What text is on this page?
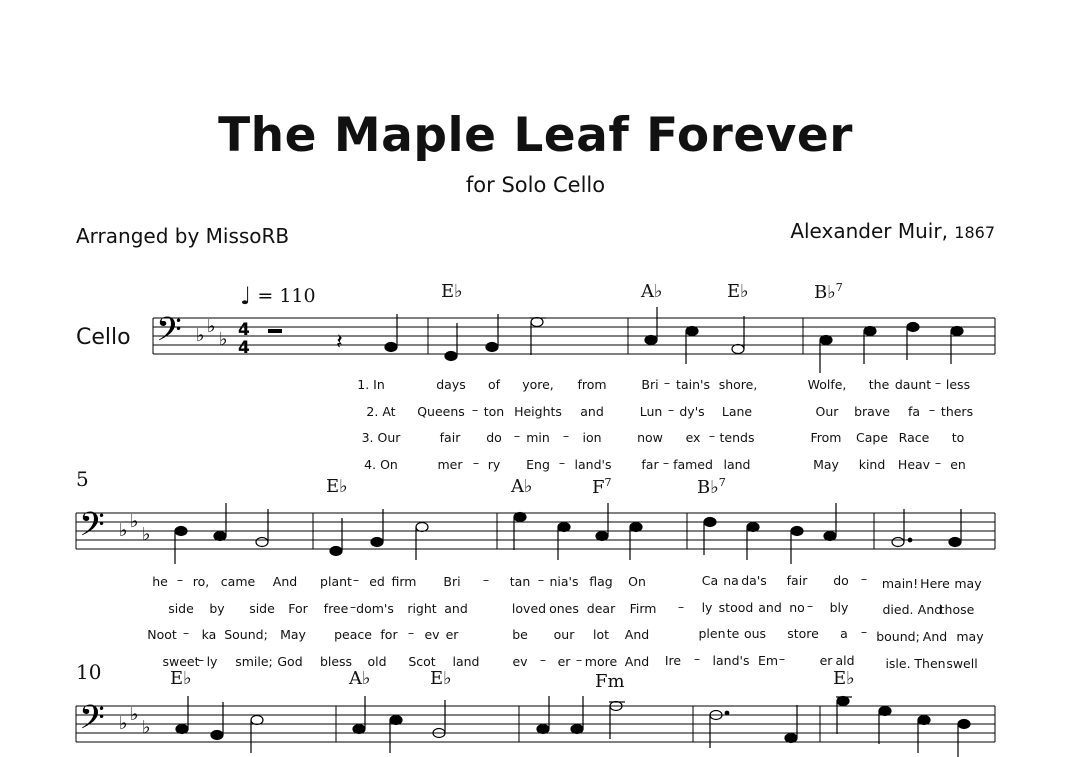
The Maple Leaf Forever
for Solo Cello
Arranged by MissoRB	Alexander Muir, 1867
Cello
♩ = 110	E♭	A♭	E♭	B♭$^7$
E♭	A♭	$F^7$	B♭$^7$
E♭	A♭	E♭	Fm	E♭
5
10
𝄢 ♭ ♭
♭ 4
4	𝄽
𝄢 ♭ ♭
♭
𝄢 ♭ ♭
♭
1. In	days of yore, from	Bri – tain's shore,	Wolfe, the daunt – less
2. At Queens – ton Heights and	Lun – dy's Lane	Our brave fa – thers
3. Our	fair do – min – ion	now ex – tends	From Cape Race to
4. On	mer – ry Eng – land's far – famed land	May kind Heav – en
he – ro, came And plant – ed firm Bri – tan – nia's flag On	Ca na da's fair do – main! Here may
side by side For free – dom's right and	loved ones dear Firm – ly stood and no – bly	died. And
those
Noot – ka Sound; May peace for – ev er	be our lot And	plen te ous store a – bound; And may
sweet
– ly smile; God bless old Scot land	ev – er – more And Ire – land's Em –	er ald isle. Then swell
